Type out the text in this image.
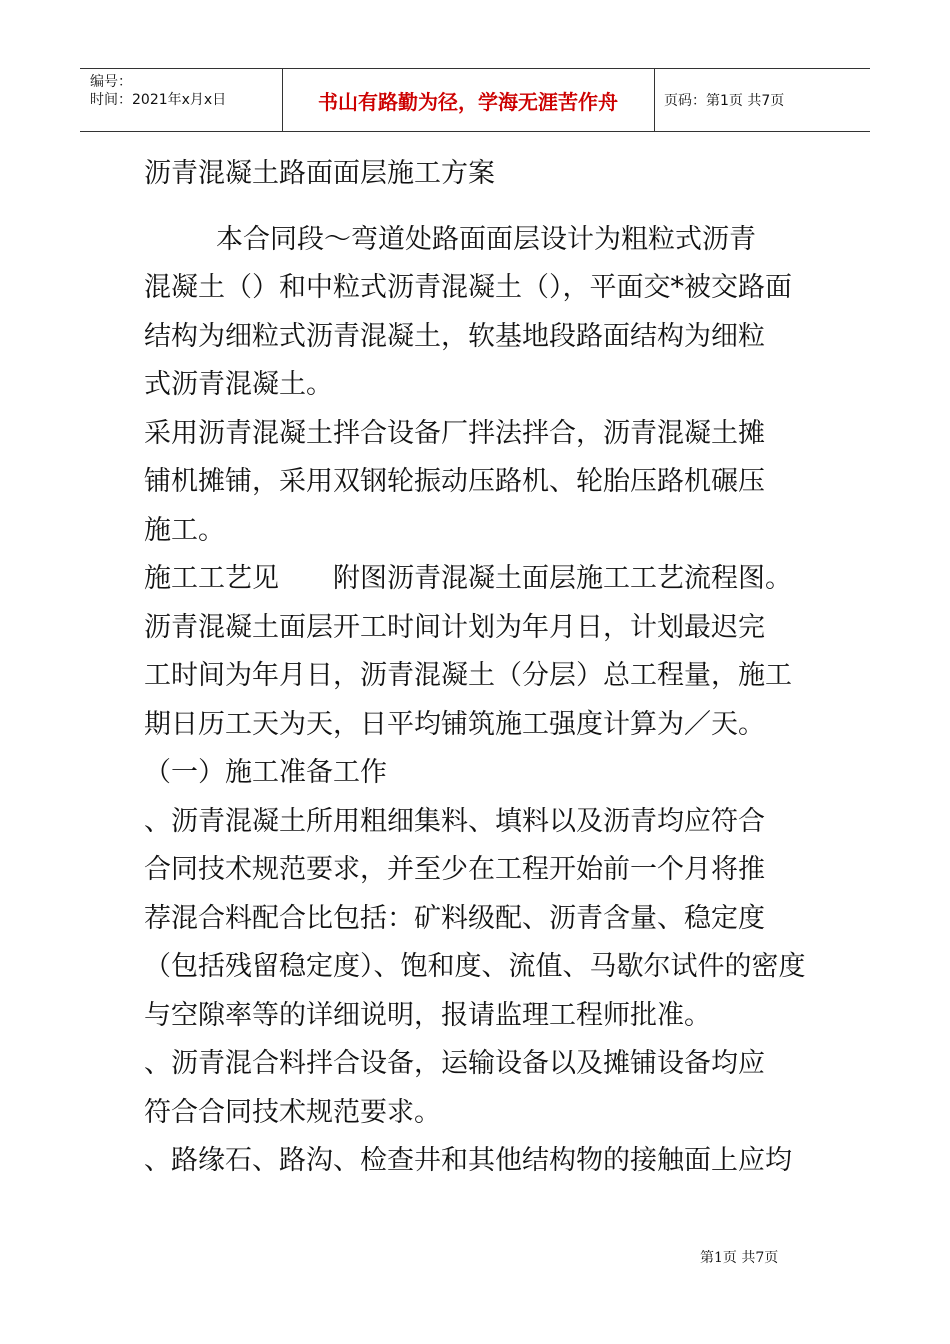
编号：
时间：2021年x月x日	书山有路勤为径，学海无涯苦作舟	页码：第1页 共7页

沥青混凝土路面面层施工方案

本合同段～弯道处路面面层设计为粗粒式沥青

混凝土（）和中粒式沥青混凝土（），平面交*被交路面

结构为细粒式沥青混凝土，软基地段路面结构为细粒

式沥青混凝土。

采用沥青混凝土拌合设备厂拌法拌合，沥青混凝土摊

铺机摊铺，采用双钢轮振动压路机、轮胎压路机碾压

施工。

施工工艺见　　附图沥青混凝土面层施工工艺流程图。

沥青混凝土面层开工时间计划为年月日，计划最迟完

工时间为年月日，沥青混凝土（分层）总工程量，施工

期日历工天为天，日平均铺筑施工强度计算为／天。

（一）施工准备工作

、沥青混凝土所用粗细集料、填料以及沥青均应符合

合同技术规范要求，并至少在工程开始前一个月将推

荐混合料配合比包括：矿料级配、沥青含量、稳定度

（包括残留稳定度）、饱和度、流值、马歇尔试件的密度

与空隙率等的详细说明，报请监理工程师批准。

、沥青混合料拌合设备，运输设备以及摊铺设备均应

符合合同技术规范要求。

、路缘石、路沟、检查井和其他结构物的接触面上应均

第1页 共7页
